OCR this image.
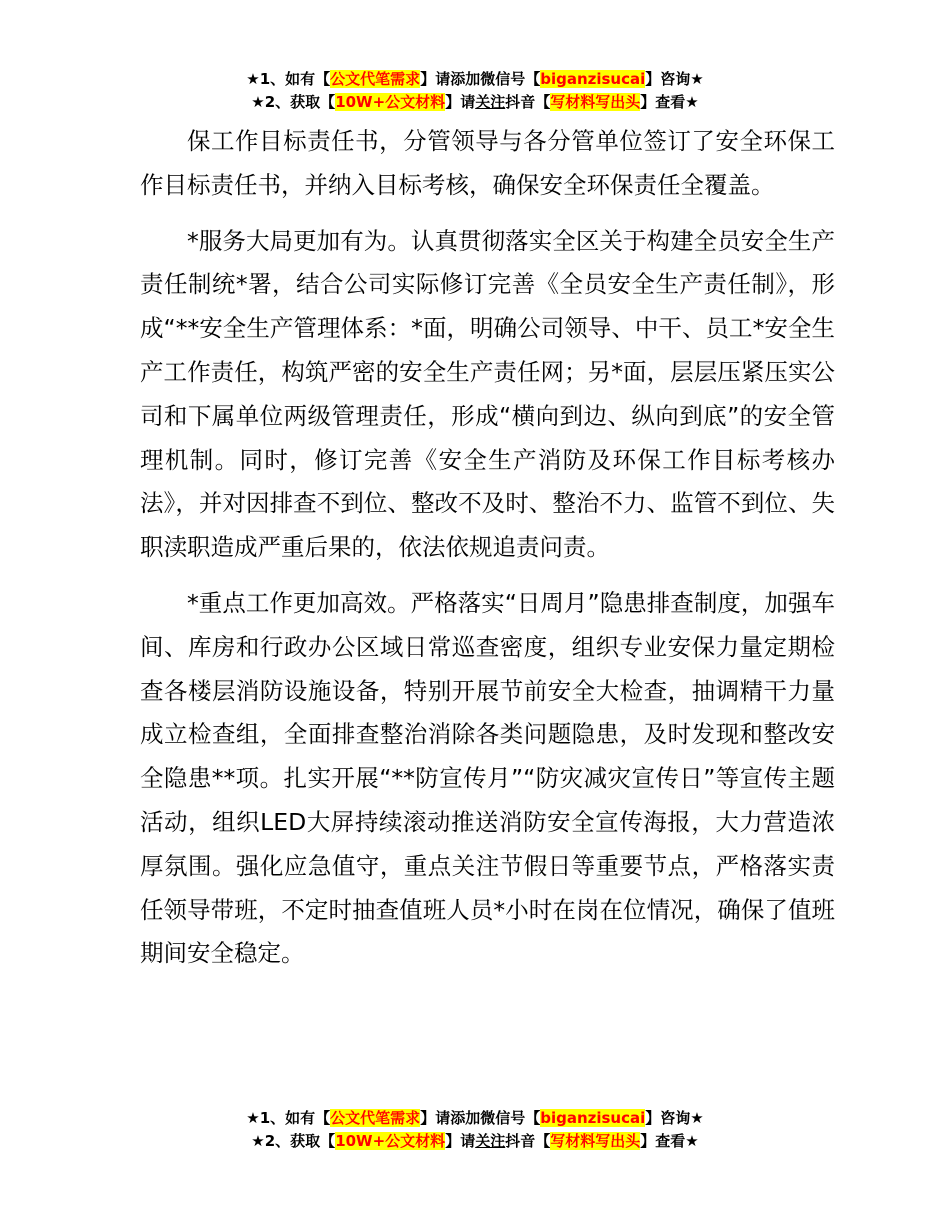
★1、如有【公文代笔需求】请添加微信号【biganzisucai】咨询★
★2、获取【10W+公文材料】请关注抖音【写材料写出头】查看★

保工作目标责任书，分管领导与各分管单位签订了安全环保工作目标责任书，并纳入目标考核，确保安全环保责任全覆盖。

*服务大局更加有为。认真贯彻落实全区关于构建全员安全生产责任制统*署，结合公司实际修订完善《全员安全生产责任制》，形成“**安全生产管理体系：*面，明确公司领导、中干、员工*安全生产工作责任，构筑严密的安全生产责任网；另*面，层层压紧压实公司和下属单位两级管理责任，形成“横向到边、纵向到底”的安全管理机制。同时，修订完善《安全生产消防及环保工作目标考核办法》，并对因排查不到位、整改不及时、整治不力、监管不到位、失职渎职造成严重后果的，依法依规追责问责。

*重点工作更加高效。严格落实“日周月”隐患排查制度，加强车间、库房和行政办公区域日常巡查密度，组织专业安保力量定期检查各楼层消防设施设备，特别开展节前安全大检查，抽调精干力量成立检查组，全面排查整治消除各类问题隐患，及时发现和整改安全隐患**项。扎实开展“**防宣传月”“防灾减灾宣传日”等宣传主题活动，组织LED大屏持续滚动推送消防安全宣传海报，大力营造浓厚氛围。强化应急值守，重点关注节假日等重要节点，严格落实责任领导带班，不定时抽查值班人员*小时在岗在位情况，确保了值班期间安全稳定。

★1、如有【公文代笔需求】请添加微信号【biganzisucai】咨询★
★2、获取【10W+公文材料】请关注抖音【写材料写出头】查看★
